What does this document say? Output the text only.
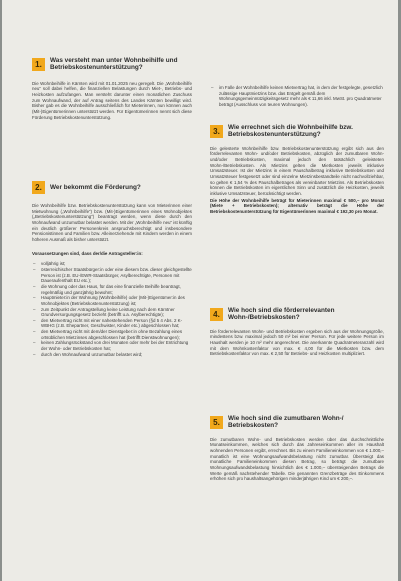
1.	Was versteht man unter Wohnbeihilfe und Betriebskostenunterstützung?

Die Wohnbeihilfe in Kärnten wird mit 01.01.2025 neu geregelt. Die „Wohnbeihilfe neu“ soll dabei helfen, die finanziellen Belastungen durch Miet-, Betriebs- und Heizkosten aufzufangen. Man versteht darunter einen monatlichen Zuschuss zum Wohnaufwand, der auf Antrag seitens des Landes Kärnten bewilligt wird. Bisher gab es die Wohnbeihilfe ausschließlich für Mieterinnen, nun können auch (Mit-)Eigentümerinnen unterstützt werden. Für Eigentümerinnen nennt sich diese Förderung Betriebskostenunterstützung.

2.	Wer bekommt die Förderung?

Die Wohnbeihilfe bzw. Betriebskostenunterstützung kann von Mieterinnen einer Mietwohnung („Wohnbeihilfe“) bzw. (Mit-)Eigentümerinnen eines Wohnobjektes („Betriebskostenunterstützung“) beantragt werden, wenn diese durch den Wohnaufwand unzumutbar belastet werden. Mit der „Wohnbeihilfe neu“ ist künftig ein deutlich größerer Personenkreis anspruchsberechtigt und insbesondere Pensionistinnen und Familien bzw. Alleinerziehende mit Kindern werden in einem höheren Ausmaß als bisher unterstützt.

Voraussetzungen sind, dass der/die Antragsteller:in:
– volljährig ist;
– österreichischer Staatsbürger:in oder eine diesem bzw. dieser gleichgestellte Person ist (z.B. EU-/EWR-Staatsbürger, Asylberechtigte, Personen mit Daueraufenthalt EU etc.);
– die Wohnung oder das Haus, für das eine finanzielle Beihilfe beantragt, regelmäßig und ganzjährig bewohnt;
– Hauptmieter:in der Wohnung (Wohnbeihilfe) oder (Mit-)Eigentümer:in des Wohnobjektes (Betriebskostenunterstützung) ist;
– zum Zeitpunkt der Antragstellung keine Leistung nach dem Kärntner Grundversorgungsgesetz bezieht (betrifft u.a. Asylberechtigte);
– den Mietvertrag nicht mit einer nahestehenden Person (§d 5 4 Abs. 2 K-WBHG (z.B. Ehepartner, Geschwister, Kinder etc.) abgeschlossen hat;
– den Mietvertrag nicht mit dem/der Dienstgeber:in ohne Bezahlung eines ortsüblichen Mietzinses abgeschlossen hat (betrifft Dienstwohnungen);
– keinen Zahlungsrückstand von drei Monaten oder mehr bei der Entrichtung der Wohn- oder Betriebskosten hat;
– durch den Wohnaufwand unzumutbar belastet wird;
– im Falle der Wohnbeihilfe keinen Mietvertrag hat, in dem der festgelegte, gesetzlich zulässige Hauptmietzins bzw. das Entgelt gemäß dem Wohnungsgemeinnützigkeitsgesetz mehr als € 11,66 inkl. MwSt. pro Quadratmeter beträgt (Ausschluss von teuren Wohnungen).
3.	Wie errechnet sich die Wohnbeihilfe bzw. Betriebskostenunterstützung?

Die gelesterte Wohnbeihilfe bzw. Betriebskostenunterstützung ergibt sich aus den förderrelevanten Wohn- und/oder Betriebskosten, abzüglich der zumutbaren Wohn- und/oder Betriebskosten, maximal jedoch den tatsächlich geleisteten Wohn-/Betriebskosten. Als Mietzins gelten die Mietkosten jeweils inklusive Umsatzsteuer. Ist der Mietzins in einem Pauschalbetrag inklusive Betriebskosten und Umsatzsteuer festgesetzt oder sind einzelne Mietzinsbestandteile nicht nachvollziehbar, so gelten € 1,54 % des Pauschalbetrages als vereinbarter Mietzins. Als Betriebskosten können die Betriebskosten im eigentlichen Sinn und zusätzlich die Heizkosten, jeweils inklusive Umsatzsteuer, berücksichtigt werden.

Die Höhe der Wohnbeihilfe beträgt für Mieterinnen maximal € 500,– pro Monat (Miete + Betriebskosten); alternativ beträgt die Höhe der Betriebskostenunterstützung für Eigentümerinnen maximal € 192,30 pro Monat.

4.	Wie hoch sind die förderrelevanten Wohn-/Betriebskosten?

Die förderrelevanten Wohn- und Betriebskosten ergeben sich aus der Wohnungsgröße, mindestens bzw. maximal jedoch 50 m² bei einer Person. Für jede weitere Person im Haushalt werden je 10 m² mehr angerechnet. Die anerkannte Quadratmeteranzahl wird mit dem Wohnkostenfaktor von max. € 4,00 für die Mietkosten bzw. dem Betriebskostenfaktor von max. € 2,50 für Betriebs- und Heizkosten multipliziert.

5.	Wie hoch sind die zumutbaren Wohn-/ Betriebskosten?

Die zumutbaren Wohn- und Betriebskosten werden über das durchschnittliche Monatseinkommen, welches sich durch das Jahreseinkommen aller im Haushalt wohnenden Personen ergibt, errechnet. Bis zu einem Familieneinkommen von € 1.000,– monatlich ist eine Wohnungsaufwandsbelastung nicht zumutbar. Übersteigt das monatliche Familieneinkommen diesen Betrag, so beträgt die zumutbare Wohnungsaufwandsbelastung hinsichtlich des € 1.000,– übersteigenden Betrags die Werte gemäß nachstehender Tabelle. Die genannten Grenzbeträge des Einkommens erhöhen sich pro haushaltsangehörigen minderjährigen Kind um € 200,–.
